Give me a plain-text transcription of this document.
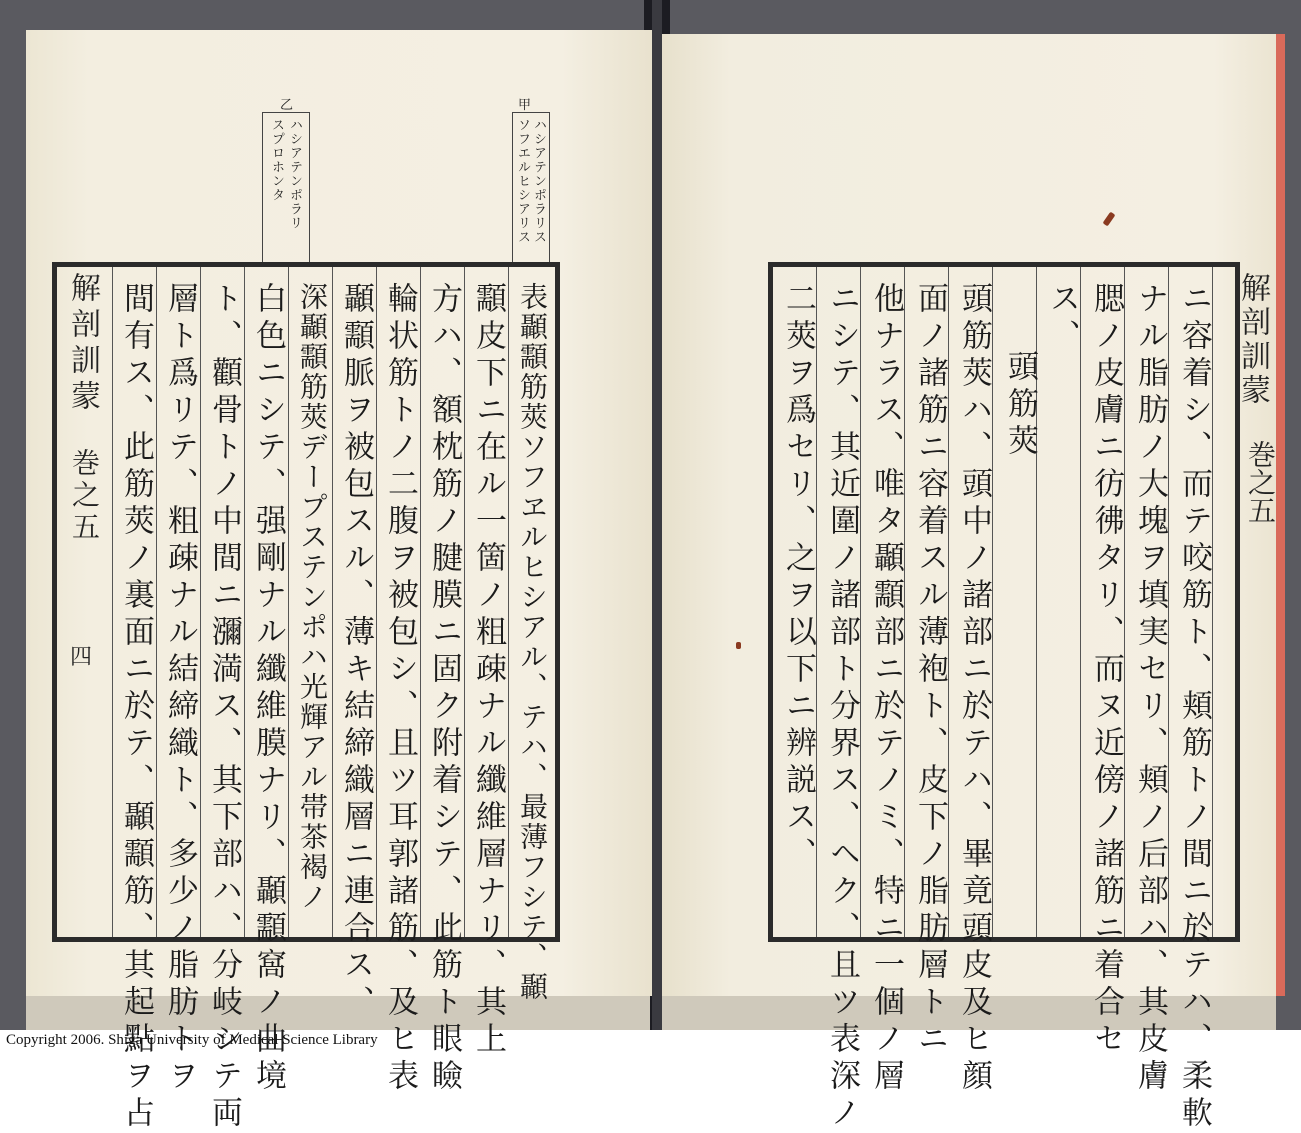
甲
ハシアテンポラリス
ソフエルヒシアリス
乙
ハシアテンポラリ
スプロホンタ
解剖訓蒙
巻之五
四	表顳顬筋莢ソフヱルヒシアル、テハ、最薄フシテ、顳
顬皮下ニ在ル一箇ノ粗疎ナル纖維層ナリ、其上
方ハ、額枕筋ノ腱膜ニ固ク附着シテ、此筋ト眼瞼
輪状筋トノ二腹ヲ被包シ、且ツ耳郭諸筋、及ヒ表
顳顬脈ヲ被包スル、薄キ結締織層ニ連合ス、
深顳顬筋莢デープステンポハ光輝アル帯茶褐ノ
白色ニシテ、强剛ナル纖維膜ナリ、顳顬窩ノ曲境
ト、顴骨トノ中間ニ瀰満ス、其下部ハ、分岐シテ両
層ト爲リテ、粗疎ナル結締織ト、多少ノ脂肪トヲ
間有ス、此筋莢ノ裏面ニ於テ、顳顬筋、其起點ヲ占	解剖訓蒙
巻之五
ニ容着シ、而テ咬筋ト、頬筋トノ間ニ於テハ、柔軟
ナル脂肪ノ大塊ヲ填実セリ、頬ノ后部ハ、其皮膚
腮ノ皮膚ニ彷彿タリ、而ヌ近傍ノ諸筋ニ着合セ
ス、
頭筋莢
頭筋莢ハ、頭中ノ諸部ニ於テハ、畢竟頭皮及ヒ顔
面ノ諸筋ニ容着スル薄袍ト、皮下ノ脂肪層トニ
他ナラス、唯タ顳顬部ニ於テノミ、特ニ一個ノ層
ニシテ、其近圍ノ諸部ト分界ス、ヘク、且ツ表深ノ
二莢ヲ爲セリ、之ヲ以下ニ辨説ス、
Copyright 2006. Shiga University of Medical Science Library
